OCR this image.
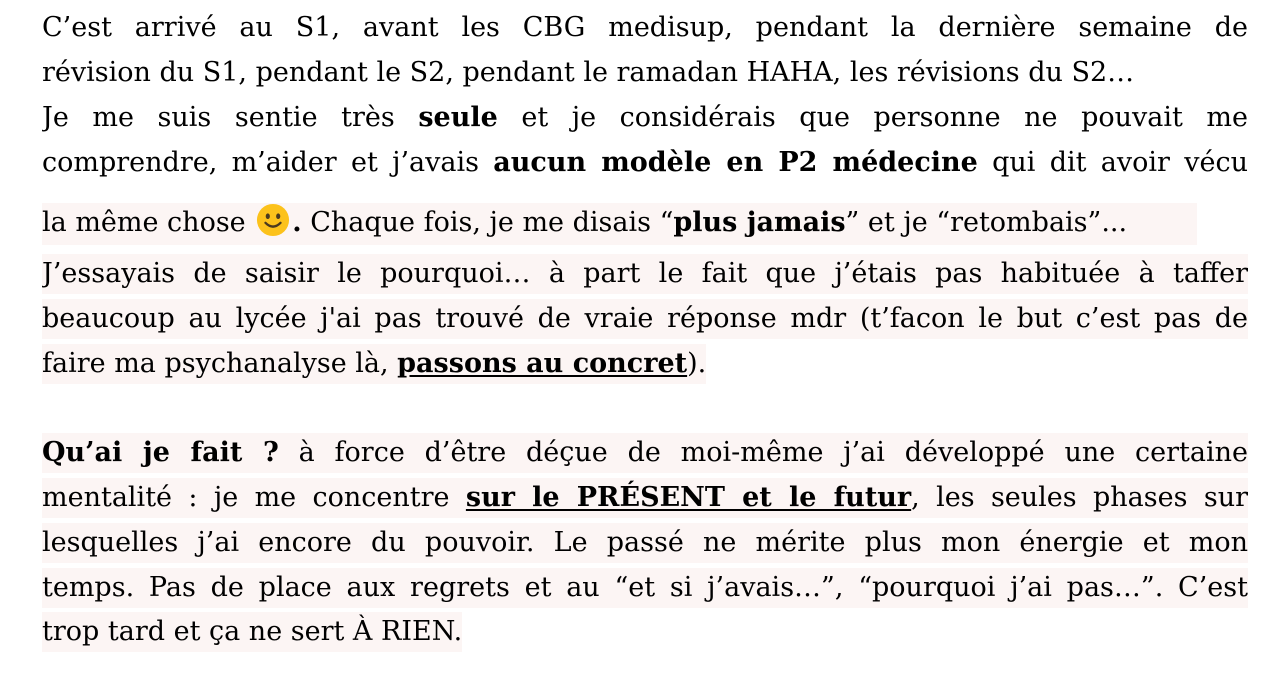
C’est arrivé au S1, avant les CBG medisup, pendant la dernière semaine de
révision du S1, pendant le S2, pendant le ramadan HAHA, les révisions du S2…
Je me suis sentie très seule et je considérais que personne ne pouvait me
comprendre, m’aider et j’avais aucun modèle en P2 médecine qui dit avoir vécu
la même chose . Chaque fois, je me disais “plus jamais” et je “retombais”...
J’essayais de saisir le pourquoi… à part le fait que j’étais pas habituée à taffer
beaucoup au lycée j'ai pas trouvé de vraie réponse mdr (t’facon le but c’est pas de
faire ma psychanalyse là, passons au concret).
Qu’ai je fait ? à force d’être déçue de moi-même j’ai développé une certaine
mentalité : je me concentre sur le PRÉSENT et le futur, les seules phases sur
lesquelles j’ai encore du pouvoir. Le passé ne mérite plus mon énergie et mon
temps. Pas de place aux regrets et au “et si j’avais…”, “pourquoi j’ai pas…”. C’est
trop tard et ça ne sert À RIEN.
